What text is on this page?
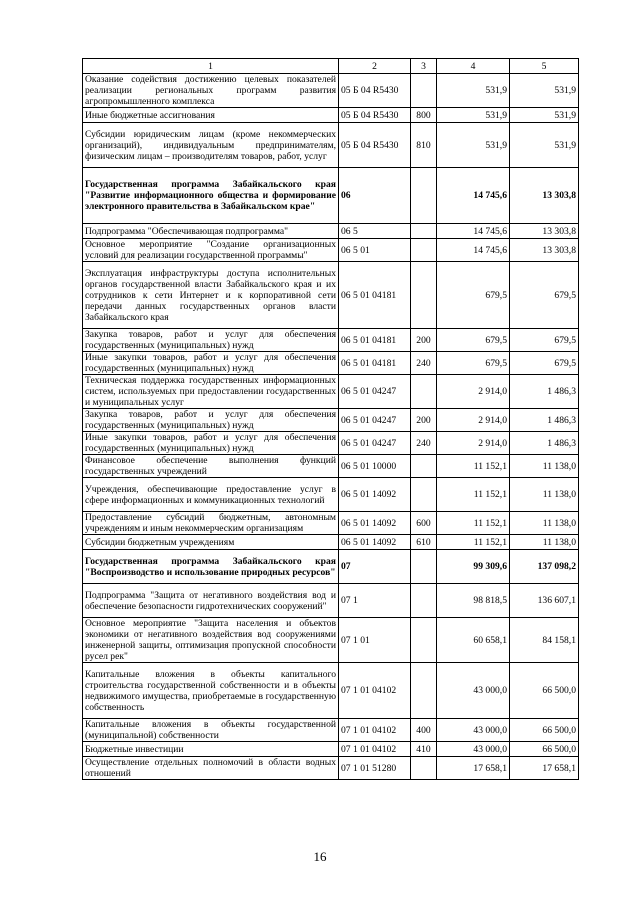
1	2	3	4	5
Оказание содействия достижению целевых показателей реализации региональных программ развития агропромышленного комплекса	05 Б 04 R5430		531,9	531,9
Иные бюджетные ассигнования	05 Б 04 R5430	800	531,9	531,9
Субсидии юридическим лицам (кроме некоммерческих организаций), индивидуальным предпринимателям, физическим лицам – производителям товаров, работ, услуг	05 Б 04 R5430	810	531,9	531,9
Государственная программа Забайкальского края "Развитие информационного общества и формирование электронного правительства в Забайкальском крае"	06		14 745,6	13 303,8
Подпрограмма "Обеспечивающая подпрограмма"	06 5		14 745,6	13 303,8
Основное мероприятие "Создание организационных условий для реализации государственной программы"	06 5 01		14 745,6	13 303,8
Эксплуатация инфраструктуры доступа исполнительных органов государственной власти Забайкальского края и их сотрудников к сети Интернет и к корпоративной сети передачи данных государственных органов власти Забайкальского края	06 5 01 04181		679,5	679,5
Закупка товаров, работ и услуг для обеспечения государственных (муниципальных) нужд	06 5 01 04181	200	679,5	679,5
Иные закупки товаров, работ и услуг для обеспечения государственных (муниципальных) нужд	06 5 01 04181	240	679,5	679,5
Техническая поддержка государственных информационных систем, используемых при предоставлении государственных и муниципальных услуг	06 5 01 04247		2 914,0	1 486,3
Закупка товаров, работ и услуг для обеспечения государственных (муниципальных) нужд	06 5 01 04247	200	2 914,0	1 486,3
Иные закупки товаров, работ и услуг для обеспечения государственных (муниципальных) нужд	06 5 01 04247	240	2 914,0	1 486,3
Финансовое обеспечение выполнения функций государственных учреждений	06 5 01 10000		11 152,1	11 138,0
Учреждения, обеспечивающие предоставление услуг в сфере информационных и коммуникационных технологий	06 5 01 14092		11 152,1	11 138,0
Предоставление субсидий бюджетным, автономным учреждениям и иным некоммерческим организациям	06 5 01 14092	600	11 152,1	11 138,0
Субсидии бюджетным учреждениям	06 5 01 14092	610	11 152,1	11 138,0
Государственная программа Забайкальского края "Воспроизводство и использование природных ресурсов"	07		99 309,6	137 098,2
Подпрограмма "Защита от негативного воздействия вод и обеспечение безопасности гидротехнических сооружений"	07 1		98 818,5	136 607,1
Основное мероприятие "Защита населения и объектов экономики от негативного воздействия вод сооружениями инженерной защиты, оптимизация пропускной способности русел рек"	07 1 01		60 658,1	84 158,1
Капитальные вложения в объекты капитального строительства государственной собственности и в объекты недвижимого имущества, приобретаемые в государственную собственность	07 1 01 04102		43 000,0	66 500,0
Капитальные вложения в объекты государственной (муниципальной) собственности	07 1 01 04102	400	43 000,0	66 500,0
Бюджетные инвестиции	07 1 01 04102	410	43 000,0	66 500,0
Осуществление отдельных полномочий в области водных отношений	07 1 01 51280		17 658,1	17 658,1
16
